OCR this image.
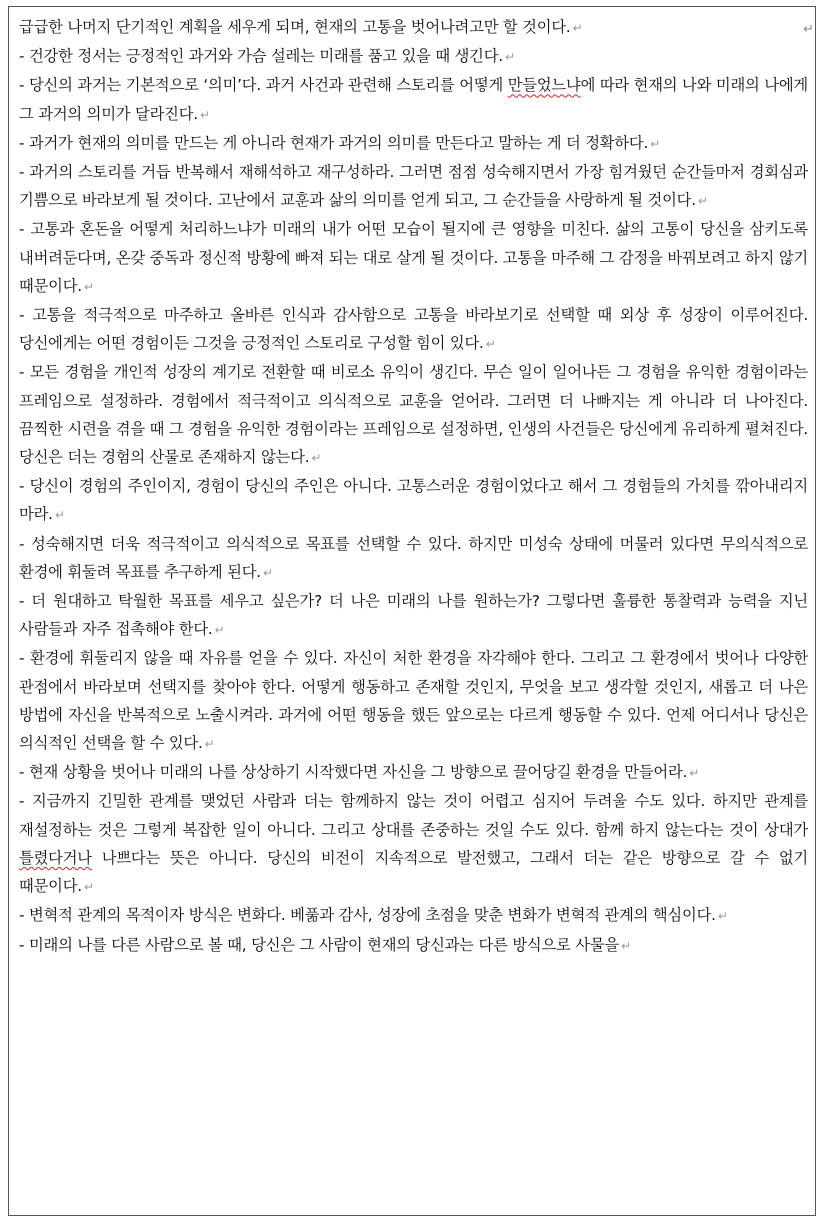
↵

급급한 나머지 단기적인 계획을 세우게 되며, 현재의 고통을 벗어나려고만 할 것이다. ↵

- 건강한 정서는 긍정적인 과거와 가슴 설레는 미래를 품고 있을 때 생긴다. ↵

- 당신의 과거는 기본적으로 ‘의미’다. 과거 사건과 관련해 스토리를 어떻게 만들었느냐에 따라 현재의 나와 미래의 나에게 그 과거의 의미가 달라진다. ↵

- 과거가 현재의 의미를 만드는 게 아니라 현재가 과거의 의미를 만든다고 말하는 게 더 정확하다. ↵

- 과거의 스토리를 거듭 반복해서 재해석하고 재구성하라. 그러면 점점 성숙해지면서 가장 힘겨웠던 순간들마저 경회심과 기쁨으로 바라보게 될 것이다. 고난에서 교훈과 삶의 의미를 얻게 되고, 그 순간들을 사랑하게 될 것이다. ↵

- 고통과 혼돈을 어떻게 처리하느냐가 미래의 내가 어떤 모습이 될지에 큰 영향을 미친다. 삶의 고통이 당신을 삼키도록 내버려둔다며, 온갖 중독과 정신적 방황에 빠져 되는 대로 살게 될 것이다. 고통을 마주해 그 감정을 바꿔보려고 하지 않기 때문이다. ↵

- 고통을 적극적으로 마주하고 올바른 인식과 감사함으로 고통을 바라보기로 선택할 때 외상 후 성장이 이루어진다. 당신에게는 어떤 경험이든 그것을 긍정적인 스토리로 구성할 힘이 있다. ↵

- 모든 경험을 개인적 성장의 계기로 전환할 때 비로소 유익이 생긴다. 무슨 일이 일어나든 그 경험을 유익한 경험이라는 프레임으로 설정하라. 경험에서 적극적이고 의식적으로 교훈을 얻어라. 그러면 더 나빠지는 게 아니라 더 나아진다. 끔찍한 시련을 겪을 때 그 경험을 유익한 경험이라는 프레임으로 설정하면, 인생의 사건들은 당신에게 유리하게 펼쳐진다. 당신은 더는 경험의 산물로 존재하지 않는다. ↵

- 당신이 경험의 주인이지, 경험이 당신의 주인은 아니다. 고통스러운 경험이었다고 해서 그 경험들의 가치를 깎아내리지 마라. ↵

- 성숙해지면 더욱 적극적이고 의식적으로 목표를 선택할 수 있다. 하지만 미성숙 상태에 머물러 있다면 무의식적으로 환경에 휘둘려 목표를 추구하게 된다. ↵

- 더 원대하고 탁월한 목표를 세우고 싶은가? 더 나은 미래의 나를 원하는가? 그렇다면 훌륭한 통찰력과 능력을 지닌 사람들과 자주 접촉해야 한다. ↵

- 환경에 휘둘리지 않을 때 자유를 얻을 수 있다. 자신이 처한 환경을 자각해야 한다. 그리고 그 환경에서 벗어나 다양한 관점에서 바라보며 선택지를 찾아야 한다. 어떻게 행동하고 존재할 것인지, 무엇을 보고 생각할 것인지, 새롭고 더 나은 방법에 자신을 반복적으로 노출시켜라. 과거에 어떤 행동을 했든 앞으로는 다르게 행동할 수 있다. 언제 어디서나 당신은 의식적인 선택을 할 수 있다. ↵

- 현재 상황을 벗어나 미래의 나를 상상하기 시작했다면 자신을 그 방향으로 끌어당길 환경을 만들어라. ↵

- 지금까지 긴밀한 관계를 맺었던 사람과 더는 함께하지 않는 것이 어렵고 심지어 두려울 수도 있다. 하지만 관계를 재설정하는 것은 그렇게 복잡한 일이 아니다. 그리고 상대를 존중하는 것일 수도 있다. 함께 하지 않는다는 것이 상대가 틀렸다거나 나쁘다는 뜻은 아니다. 당신의 비전이 지속적으로 발전했고, 그래서 더는 같은 방향으로 갈 수 없기 때문이다. ↵

- 변혁적 관계의 목적이자 방식은 변화다. 베풂과 감사, 성장에 초점을 맞춘 변화가 변혁적 관계의 핵심이다. ↵

- 미래의 나를 다른 사람으로 볼 때, 당신은 그 사람이 현재의 당신과는 다른 방식으로 사물을 ↵
